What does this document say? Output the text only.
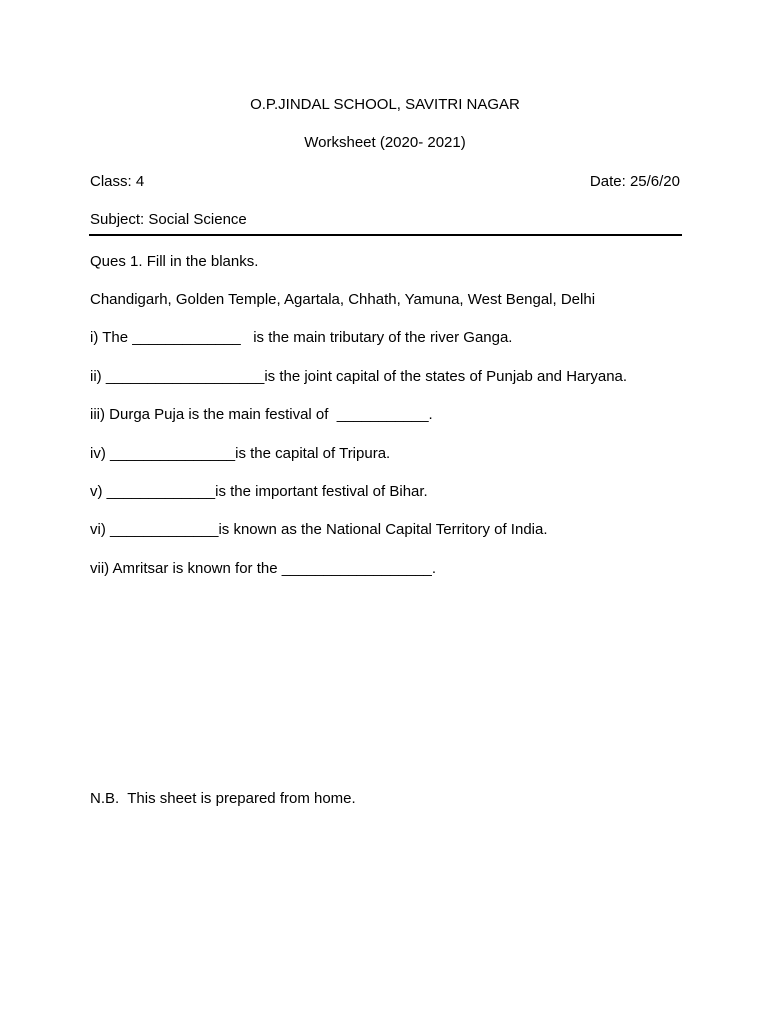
O.P.JINDAL SCHOOL, SAVITRI NAGAR
Worksheet (2020- 2021)
Class: 4	Date: 25/6/20
Subject: Social Science
Ques 1. Fill in the blanks.
Chandigarh, Golden Temple, Agartala, Chhath, Yamuna, West Bengal, Delhi
i) The _____________   is the main tributary of the river Ganga.
ii) ___________________is the joint capital of the states of Punjab and Haryana.
iii) Durga Puja is the main festival of  ___________.
iv) _______________is the capital of Tripura.
v) _____________is the important festival of Bihar.
vi) _____________is known as the National Capital Territory of India.
vii) Amritsar is known for the __________________.
N.B.  This sheet is prepared from home.
